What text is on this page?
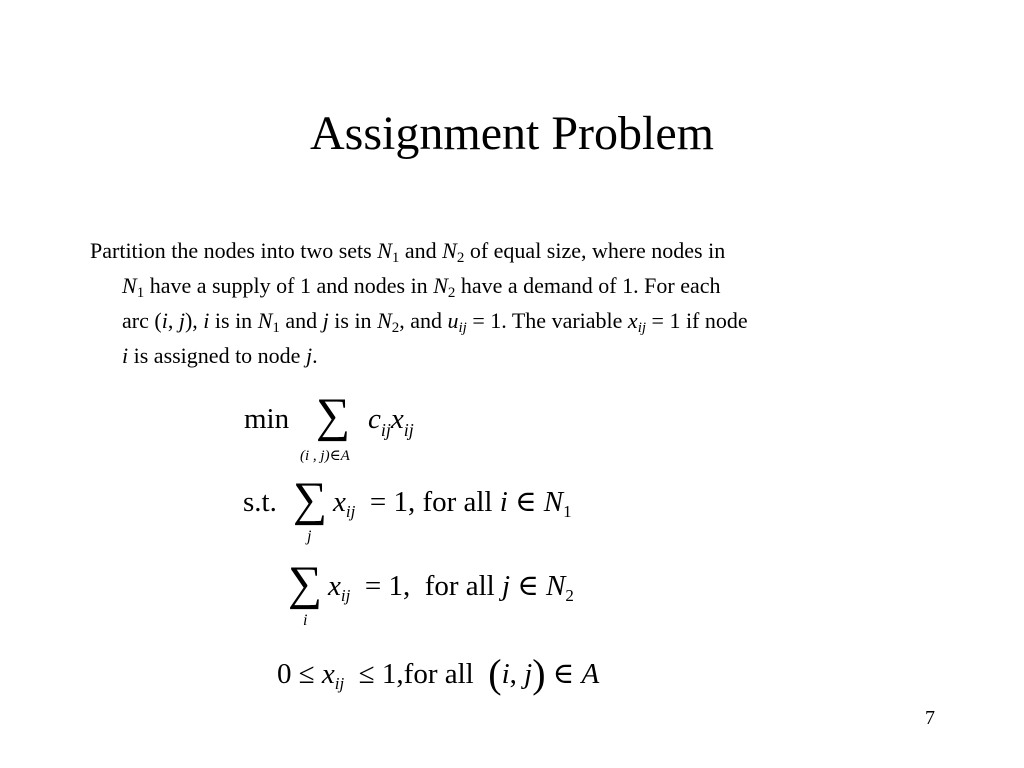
Assignment Problem
Partition the nodes into two sets $N_1$ and $N_2$ of equal size, where nodes in
$N_1$ have a supply of 1 and nodes in $N_2$ have a demand of 1. For each
arc (i, j), i is in $N_1$ and j is in $N_2$, and $u_{ij} = 1$. The variable $x_{ij} = 1$ if node
i is assigned to node j.
min ∑ $c_{ij}x_{ij}$
(i , j)∈A
s.t. ∑
j
$x_{ij} = 1$, for all i ∈ $N_1$
∑
i
$x_{ij} = 1$, for all j ∈ $N_2$
$0 \le x_{ij} \le 1,for$ all (i, j) ∈ A
7
